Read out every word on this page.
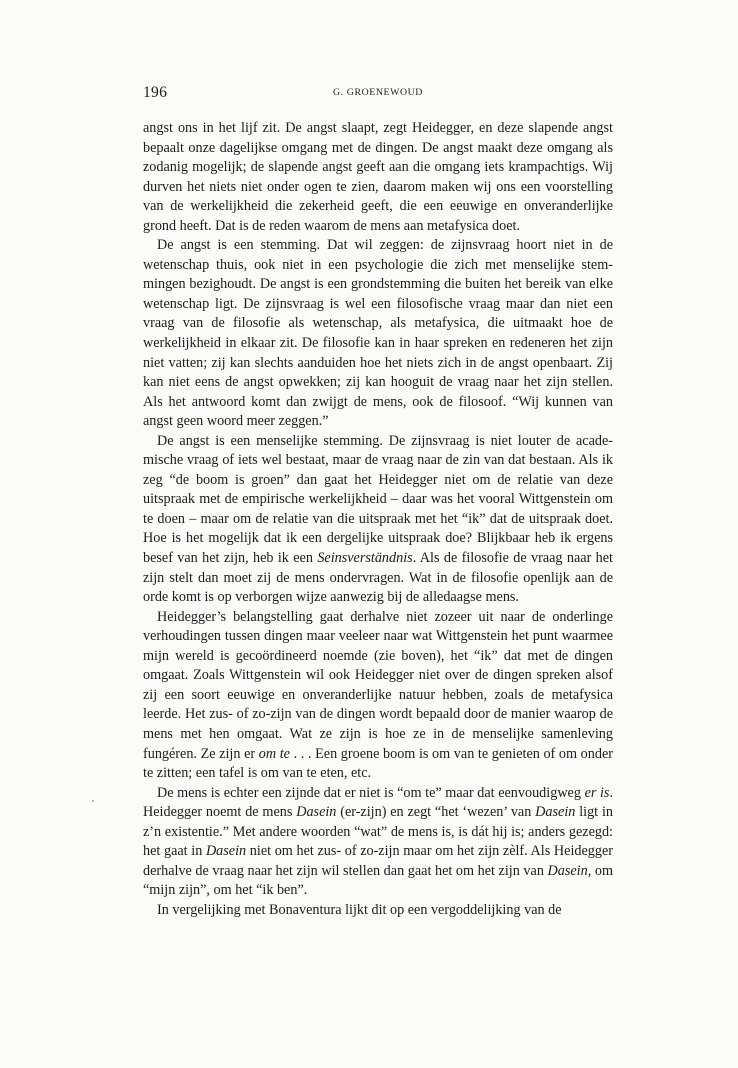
196	G. GROENEWOUD

angst ons in het lijf zit. De angst slaapt, zegt Heidegger, en deze slapende angst bepaalt onze dagelijkse omgang met de dingen. De angst maakt deze omgang als zodanig mogelijk; de slapende angst geeft aan die omgang iets krampachtigs. Wij durven het niets niet onder ogen te zien, daarom maken wij ons een voorstelling van de werkelijkheid die zekerheid geeft, die een eeuwige en onveranderlijke grond heeft. Dat is de reden waarom de mens aan metafysica doet.

De angst is een stemming. Dat wil zeggen: de zijnsvraag hoort niet in de wetenschap thuis, ook niet in een psychologie die zich met menselijke stemmingen bezighoudt. De angst is een grondstemming die buiten het bereik van elke wetenschap ligt. De zijnsvraag is wel een filosofische vraag maar dan niet een vraag van de filosofie als wetenschap, als metafysica, die uitmaakt hoe de werkelijkheid in elkaar zit. De filosofie kan in haar spreken en redeneren het zijn niet vatten; zij kan slechts aanduiden hoe het niets zich in de angst openbaart. Zij kan niet eens de angst opwekken; zij kan hooguit de vraag naar het zijn stellen. Als het antwoord komt dan zwijgt de mens, ook de filosoof. “Wij kunnen van angst geen woord meer zeggen.”

De angst is een menselijke stemming. De zijnsvraag is niet louter de academische vraag of iets wel bestaat, maar de vraag naar de zin van dat bestaan. Als ik zeg “de boom is groen” dan gaat het Heidegger niet om de relatie van deze uitspraak met de empirische werkelijkheid – daar was het vooral Wittgenstein om te doen – maar om de relatie van die uitspraak met het “ik” dat de uitspraak doet. Hoe is het mogelijk dat ik een dergelijke uitspraak doe? Blijkbaar heb ik ergens besef van het zijn, heb ik een Seinsverständnis. Als de filosofie de vraag naar het zijn stelt dan moet zij de mens ondervragen. Wat in de filosofie openlijk aan de orde komt is op verborgen wijze aanwezig bij de alledaagse mens.

Heidegger’s belangstelling gaat derhalve niet zozeer uit naar de onderlinge verhoudingen tussen dingen maar veeleer naar wat Wittgenstein het punt waarmee mijn wereld is gecoördineerd noemde (zie boven), het “ik” dat met de dingen omgaat. Zoals Wittgenstein wil ook Heidegger niet over de dingen spreken alsof zij een soort eeuwige en onveranderlijke natuur hebben, zoals de metafysica leerde. Het zus- of zo-zijn van de dingen wordt bepaald door de manier waarop de mens met hen omgaat. Wat ze zijn is hoe ze in de menselijke samenleving fungéren. Ze zijn er om te . . . Een groene boom is om van te genieten of om onder te zitten; een tafel is om van te eten, etc.

De mens is echter een zijnde dat er niet is “om te” maar dat eenvoudigweg er is. Heidegger noemt de mens Dasein (er-zijn) en zegt “het ‘wezen’ van Dasein ligt in z’n existentie.” Met andere woorden “wat” de mens is, is dát hij is; anders gezegd: het gaat in Dasein niet om het zus- of zo-zijn maar om het zijn zèlf. Als Heidegger derhalve de vraag naar het zijn wil stellen dan gaat het om het zijn van Dasein, om “mijn zijn”, om het “ik ben”.

In vergelijking met Bonaventura lijkt dit op een vergoddelijking van de
